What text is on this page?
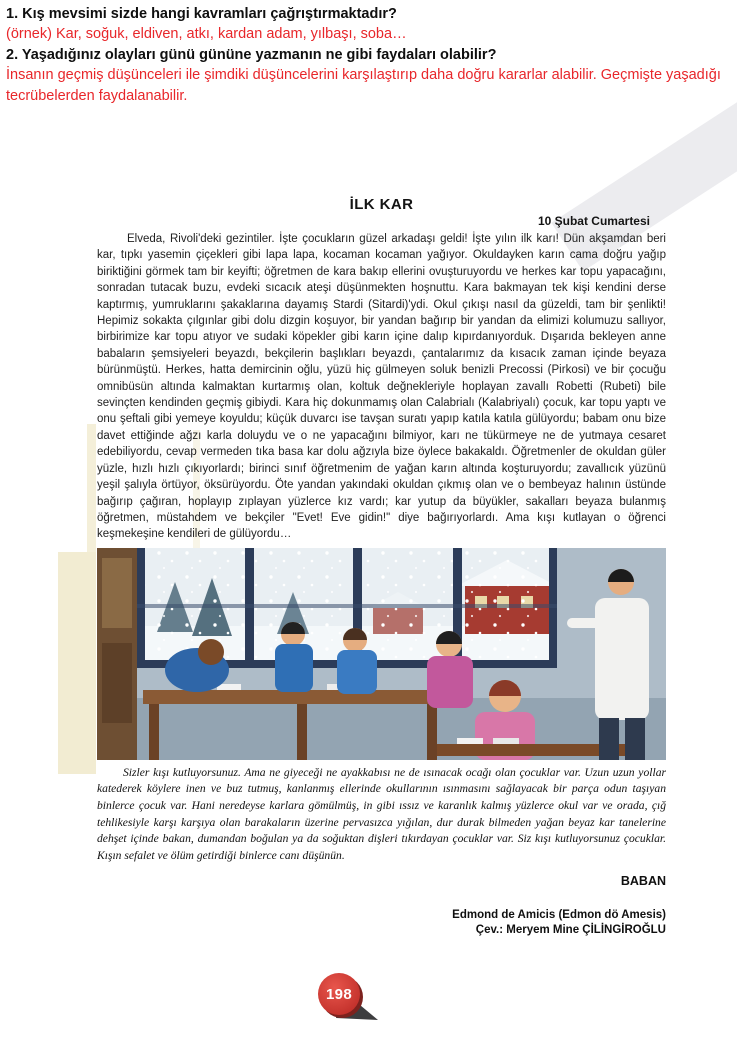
1. Kış mevsimi sizde hangi kavramları çağrıştırmaktadır?

(örnek) Kar, soğuk, eldiven, atkı, kardan adam, yılbaşı, soba…

2. Yaşadığınız olayları günü gününe yazmanın ne gibi faydaları olabilir?

İnsanın geçmiş düşünceleri ile şimdiki düşüncelerini karşılaştırıp daha doğru kararlar alabilir. Geçmişte yaşadığı tecrübelerden faydalanabilir.

İLK KAR
10 Şubat Cumartesi

Elveda, Rivoli'deki gezintiler. İşte çocukların güzel arkadaşı geldi! İşte yılın ilk karı! Dün akşamdan beri kar, tıpkı yasemin çiçekleri gibi lapa lapa, kocaman kocaman yağıyor. Okuldayken karın cama doğru yağıp biriktiğini görmek tam bir keyifti; öğretmen de kara bakıp ellerini ovuşturuyordu ve herkes kar topu yapacağını, sonradan tutacak buzu, evdeki sıcacık ateşi düşünmekten hoşnuttu. Kara bakmayan tek kişi kendini derse kaptırmış, yumruklarını şakaklarına dayamış Stardi (Sitardi)'ydi. Okul çıkışı nasıl da güzeldi, tam bir şenlikti! Hepimiz sokakta çılgınlar gibi dolu dizgin koşuyor, bir yandan bağırıp bir yandan da elimizi kolumuzu sallıyor, birbirimize kar topu atıyor ve sudaki köpekler gibi karın içine dalıp kıpırdanıyorduk. Dışarıda bekleyen anne babaların şemsiyeleri beyazdı, bekçilerin başlıkları beyazdı, çantalarımız da kısacık zaman içinde beyaza bürünmüştü. Herkes, hatta demircinin oğlu, yüzü hiç gülmeyen soluk benizli Precossi (Pirkosi) ve bir çocuğu omnibüsün altında kalmaktan kurtarmış olan, koltuk değnekleriyle hoplayan zavallı Robetti (Rubeti) bile sevinçten kendinden geçmiş gibiydi. Kara hiç dokunmamış olan Calabrialı (Kalabriyalı) çocuk, kar topu yaptı ve onu şeftali gibi yemeye koyuldu; küçük duvarcı ise tavşan suratı yapıp katıla katıla gülüyordu; babam onu bize davet ettiğinde ağzı karla doluydu ve o ne yapacağını bilmiyor, karı ne tükürmeye ne de yutmaya cesaret edebiliyordu, cevap vermeden tıka basa kar dolu ağzıyla bize öylece bakakaldı. Öğretmenler de okuldan güler yüzle, hızlı hızlı çıkıyorlardı; birinci sınıf öğretmenim de yağan karın altında koşturuyordu; zavallıcık yüzünü yeşil şalıyla örtüyor, öksürüyordu. Öte yandan yakındaki okuldan çıkmış olan ve o bembeyaz halının üstünde bağırıp çağıran, hoplayıp zıplayan yüzlerce kız vardı; kar yutup da büyükler, sakalları beyaza bulanmış öğretmen, müstahdem ve bekçiler "Evet! Eve gidin!" diye bağırıyorlardı. Ama kışı kutlayan o öğrenci keşmekeşine kendileri de gülüyordu…

Sizler kışı kutluyorsunuz. Ama ne giyeceği ne ayakkabısı ne de ısınacak ocağı olan çocuklar var. Uzun uzun yollar katederek köylere inen ve buz tutmuş, kanlanmış ellerinde okullarının ısınmasını sağlayacak bir parça odun taşıyan binlerce çocuk var. Hani neredeyse karlara gömülmüş, in gibi ıssız ve karanlık kalmış yüzlerce okul var ve orada, çığ tehlikesiyle karşı karşıya olan barakaların üzerine pervasızca yığılan, dur durak bilmeden yağan beyaz kar tanelerine dehşet içinde bakan, dumandan boğulan ya da soğuktan dişleri tıkırdayan çocuklar var. Siz kışı kutluyorsunuz çocuklar. Kışın sefalet ve ölüm getirdiği binlerce canı düşünün.

BABAN
Edmond de Amicis (Edmon dö Amesis)
Çev.: Meryem Mine ÇİLİNGİROĞLU
198
